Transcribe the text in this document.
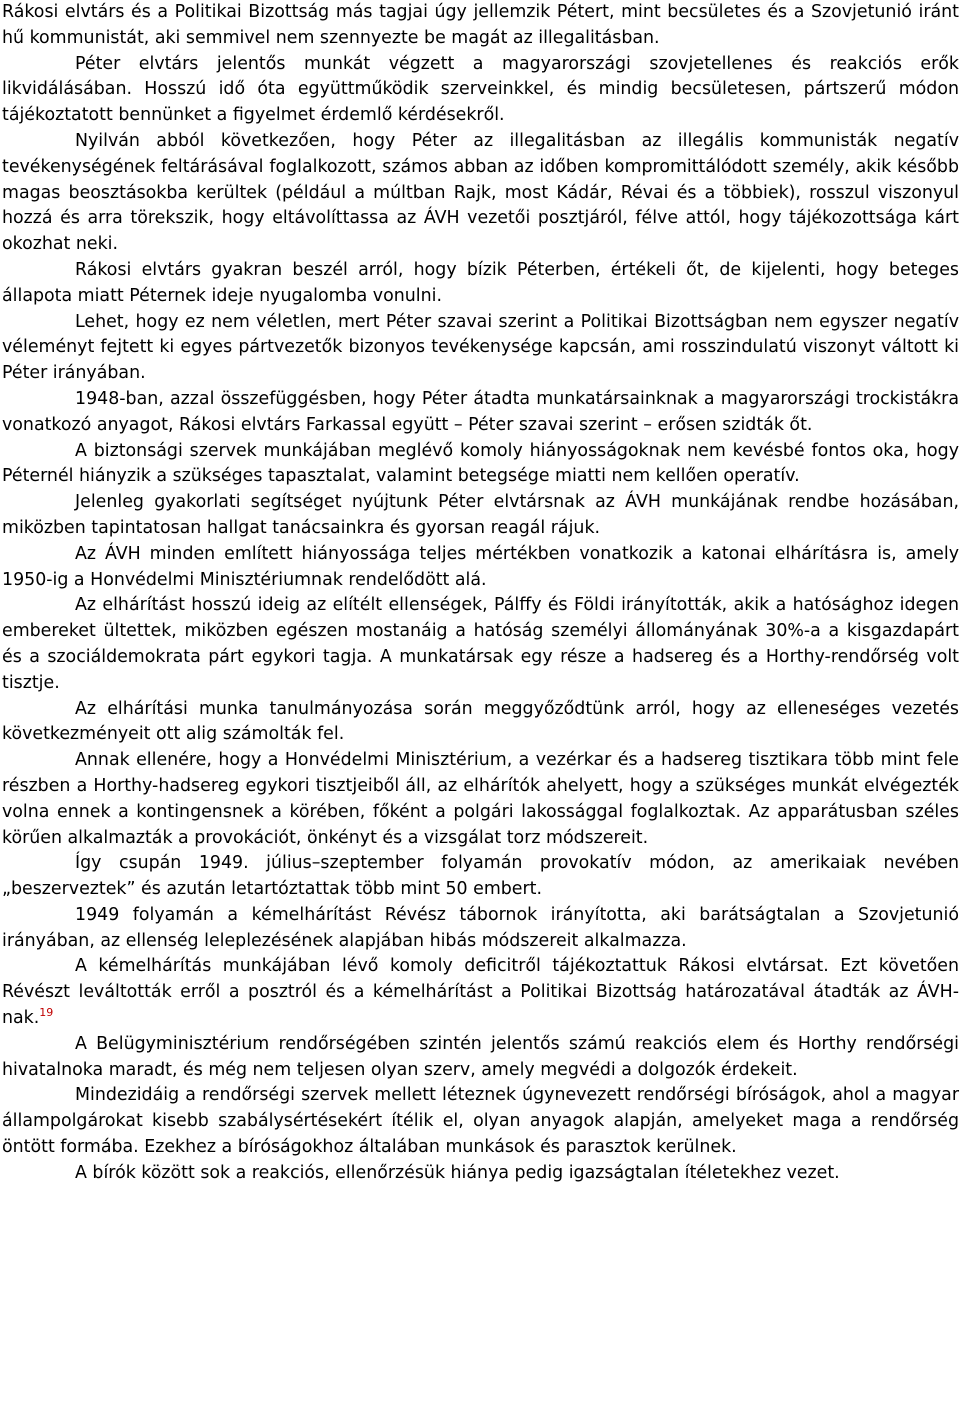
Rákosi elvtárs és a Politikai Bizottság más tagjai úgy jellemzik Pétert, mint becsületes és a Szovjetunió iránt hű kommunistát, aki semmivel nem szennyezte be magát az illegalitásban.

Péter elvtárs jelentős munkát végzett a magyarországi szovjetellenes és reakciós erők likvidálásában. Hosszú idő óta együttműködik szerveinkkel, és mindig becsületesen, pártszerű módon tájékoztatott bennünket a figyelmet érdemlő kérdésekről.

Nyilván abból következően, hogy Péter az illegalitásban az illegális kommunisták negatív tevékenységének feltárásával foglalkozott, számos abban az időben kompromittálódott személy, akik később magas beosztásokba kerültek (például a múltban Rajk, most Kádár, Révai és a többiek), rosszul viszonyul hozzá és arra törekszik, hogy eltávolíttassa az ÁVH vezetői posztjáról, félve attól, hogy tájékozottsága kárt okozhat neki.

Rákosi elvtárs gyakran beszél arról, hogy bízik Péterben, értékeli őt, de kijelenti, hogy beteges állapota miatt Péternek ideje nyugalomba vonulni.

Lehet, hogy ez nem véletlen, mert Péter szavai szerint a Politikai Bizottságban nem egyszer negatív véleményt fejtett ki egyes pártvezetők bizonyos tevékenysége kapcsán, ami rosszindulatú viszonyt váltott ki Péter irányában.

1948-ban, azzal összefüggésben, hogy Péter átadta munkatársainknak a magyarországi trockistákra vonatkozó anyagot, Rákosi elvtárs Farkassal együtt – Péter szavai szerint – erősen szidták őt.

A biztonsági szervek munkájában meglévő komoly hiányosságoknak nem kevésbé fontos oka, hogy Péternél hiányzik a szükséges tapasztalat, valamint betegsége miatti nem kellően operatív.

Jelenleg gyakorlati segítséget nyújtunk Péter elvtársnak az ÁVH munkájának rendbe hozásában, miközben tapintatosan hallgat tanácsainkra és gyorsan reagál rájuk.

Az ÁVH minden említett hiányossága teljes mértékben vonatkozik a katonai elhárításra is, amely 1950-ig a Honvédelmi Minisztériumnak rendelődött alá.

Az elhárítást hosszú ideig az elítélt ellenségek, Pálffy és Földi irányították, akik a hatósághoz idegen embereket ültettek, miközben egészen mostanáig a hatóság személyi állományának 30%-a a kisgazdapárt és a szociáldemokrata párt egykori tagja. A munkatársak egy része a hadsereg és a Horthy-rendőrség volt tisztje.

Az elhárítási munka tanulmányozása során meggyőződtünk arról, hogy az elleneséges vezetés következményeit ott alig számolták fel.

Annak ellenére, hogy a Honvédelmi Minisztérium, a vezérkar és a hadsereg tisztikara több mint fele részben a Horthy-hadsereg egykori tisztjeiből áll, az elhárítók ahelyett, hogy a szükséges munkát elvégezték volna ennek a kontingensnek a körében, főként a polgári lakossággal foglalkoztak. Az apparátusban széles körűen alkalmazták a provokációt, önkényt és a vizsgálat torz módszereit.

Így csupán 1949. július–szeptember folyamán provokatív módon, az amerikaiak nevében „beszerveztek” és azután letartóztattak több mint 50 embert.

1949 folyamán a kémelhárítást Révész tábornok irányította, aki barátságtalan a Szovjetunió irányában, az ellenség leleplezésének alapjában hibás módszereit alkalmazza.

A kémelhárítás munkájában lévő komoly deficitről tájékoztattuk Rákosi elvtársat. Ezt követően Révészt leváltották erről a posztról és a kémelhárítást a Politikai Bizottság határozatával átadták az ÁVH-nak.$^{19}$

A Belügyminisztérium rendőrségében szintén jelentős számú reakciós elem és Horthy rendőrségi hivatalnoka maradt, és még nem teljesen olyan szerv, amely megvédi a dolgozók érdekeit.

Mindezidáig a rendőrségi szervek mellett léteznek úgynevezett rendőrségi bíróságok, ahol a magyar állampolgárokat kisebb szabálysértésekért ítélik el, olyan anyagok alapján, amelyeket maga a rendőrség öntött formába. Ezekhez a bíróságokhoz általában munkások és parasztok kerülnek.

A bírók között sok a reakciós, ellenőrzésük hiánya pedig igazságtalan ítéletekhez vezet.
